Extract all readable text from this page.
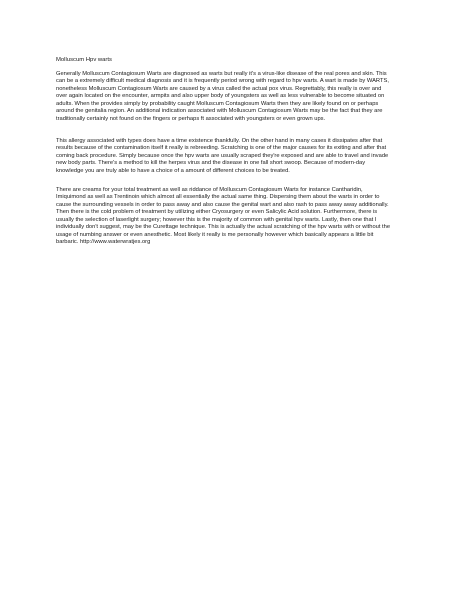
Molluscum Hpv warts
Generally Molluscum Contagiosum Warts are diagnosed as warts but really it's a virus-like disease of the real pores and skin. This
can be a extremely difficult medical diagnosis and it is frequently period wrong with regard to hpv warts. A wart is made by WARTS,
nonetheless Molluscum Contagiosum Warts are caused by a virus called the actual pox virus. Regrettably, this really is over and
over again located on the encounter, armpits and also upper body of youngsters as well as less vulnerable to become situated on
adults. When the provides simply by probability caught Molluscum Contagiosum Warts then they are likely found on or perhaps
around the genitalia region. An additional indication associated with Molluscum Contagiosum Warts may be the fact that they are
traditionally certainly not found on the fingers or perhaps ft associated with youngsters or even grown ups.
This allergy associated with types does have a time existence thankfully. On the other hand in many cases it dissipates after that
results because of the contamination itself it really is rebreeding. Scratching is one of the major causes for its exiting and after that
coming back procedure. Simply because once the hpv warts are usually scraped they're exposed and are able to travel and invade
new body parts. There's a method to kill the herpes virus and the disease in one fall short swoop. Because of modern-day
knowledge you are truly able to have a choice of a amount of different choices to be treated.
There are creams for your total treatment as well as riddance of Molluscum Contagiosum Warts for instance Cantharidin,
Imiquimond as well as Trentinoin which almost all essentially the actual same thing. Dispersing them about the warts in order to
cause the surrounding vessels in order to pass away and also cause the genital wart and also rash to pass away away additionally.
Then there is the cold problem of treatment by utilizing either Cryosurgery or even Salicylic Acid solution. Furthermore, there is
usually the selection of laserlight surgery; however this is the majority of common with genital hpv warts. Lastly, then one that I
individually don't suggest, may be the Curettage technique. This is actually the actual scratching of the hpv warts with or without the
usage of numbing answer or even anesthetic. Most likely it really is me personally however which basically appears a little bit
barbaric. http://www.waterwratjes.org
